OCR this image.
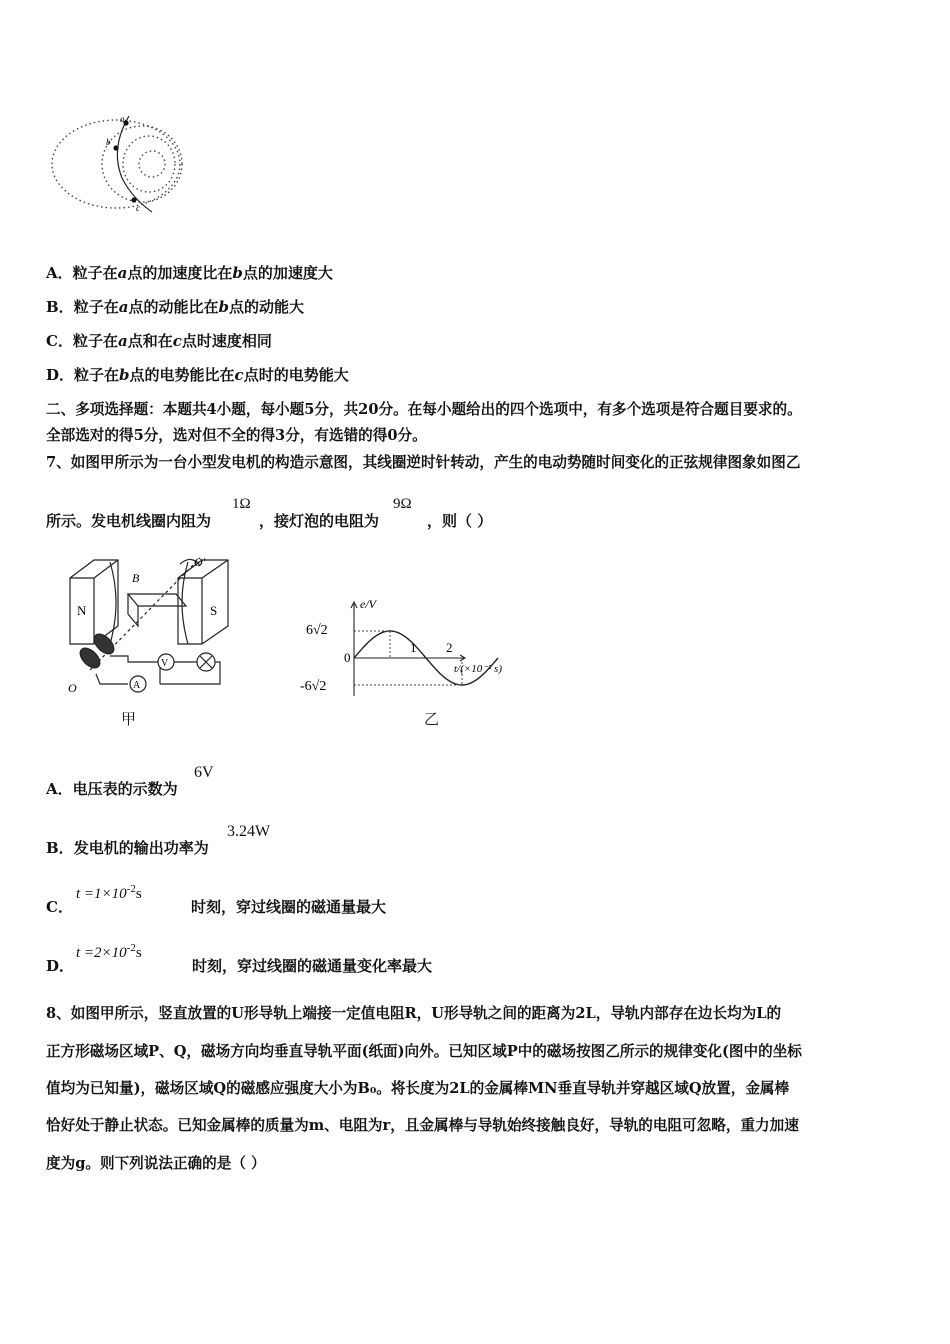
a
b
c
A．粒子在a点的加速度比在b点的加速度大
B．粒子在a点的动能比在b点的动能大
C．粒子在a点和在c点时速度相同
D．粒子在b点的电势能比在c点时的电势能大
二、多项选择题：本题共4小题，每小题5分，共20分。在每小题给出的四个选项中，有多个选项是符合题目要求的。
全部选对的得5分，选对但不全的得3分，有选错的得0分。
7、如图甲所示为一台小型发电机的构造示意图，其线圈逆时针转动，产生的电动势随时间变化的正弦规律图象如图乙
所示。发电机线圈内阻为	，接灯泡的电阻为	，则（ ）
1Ω	9Ω
N	S
B
O′
O
V
A
甲
e/V
t/(×10⁻² s)
6√2
-6√2
0
1 2
乙
A．电压表的示数为
6V
B．发电机的输出功率为
3.24W
C．	时刻，穿过线圈的磁通量最大
$t =1\times 10^{-2}s$
D．	时刻，穿过线圈的磁通量变化率最大
$t =2\times 10^{-2}s$
8、如图甲所示，竖直放置的U形导轨上端接一定值电阻R，U形导轨之间的距离为2L，导轨内部存在边长均为L的
正方形磁场区域P、Q，磁场方向均垂直导轨平面(纸面)向外。已知区域P中的磁场按图乙所示的规律变化(图中的坐标
值均为已知量)，磁场区域Q的磁感应强度大小为B₀。将长度为2L的金属棒MN垂直导轨并穿越区域Q放置，金属棒
恰好处于静止状态。已知金属棒的质量为m、电阻为r，且金属棒与导轨始终接触良好，导轨的电阻可忽略，重力加速
度为g。则下列说法正确的是（ ）
